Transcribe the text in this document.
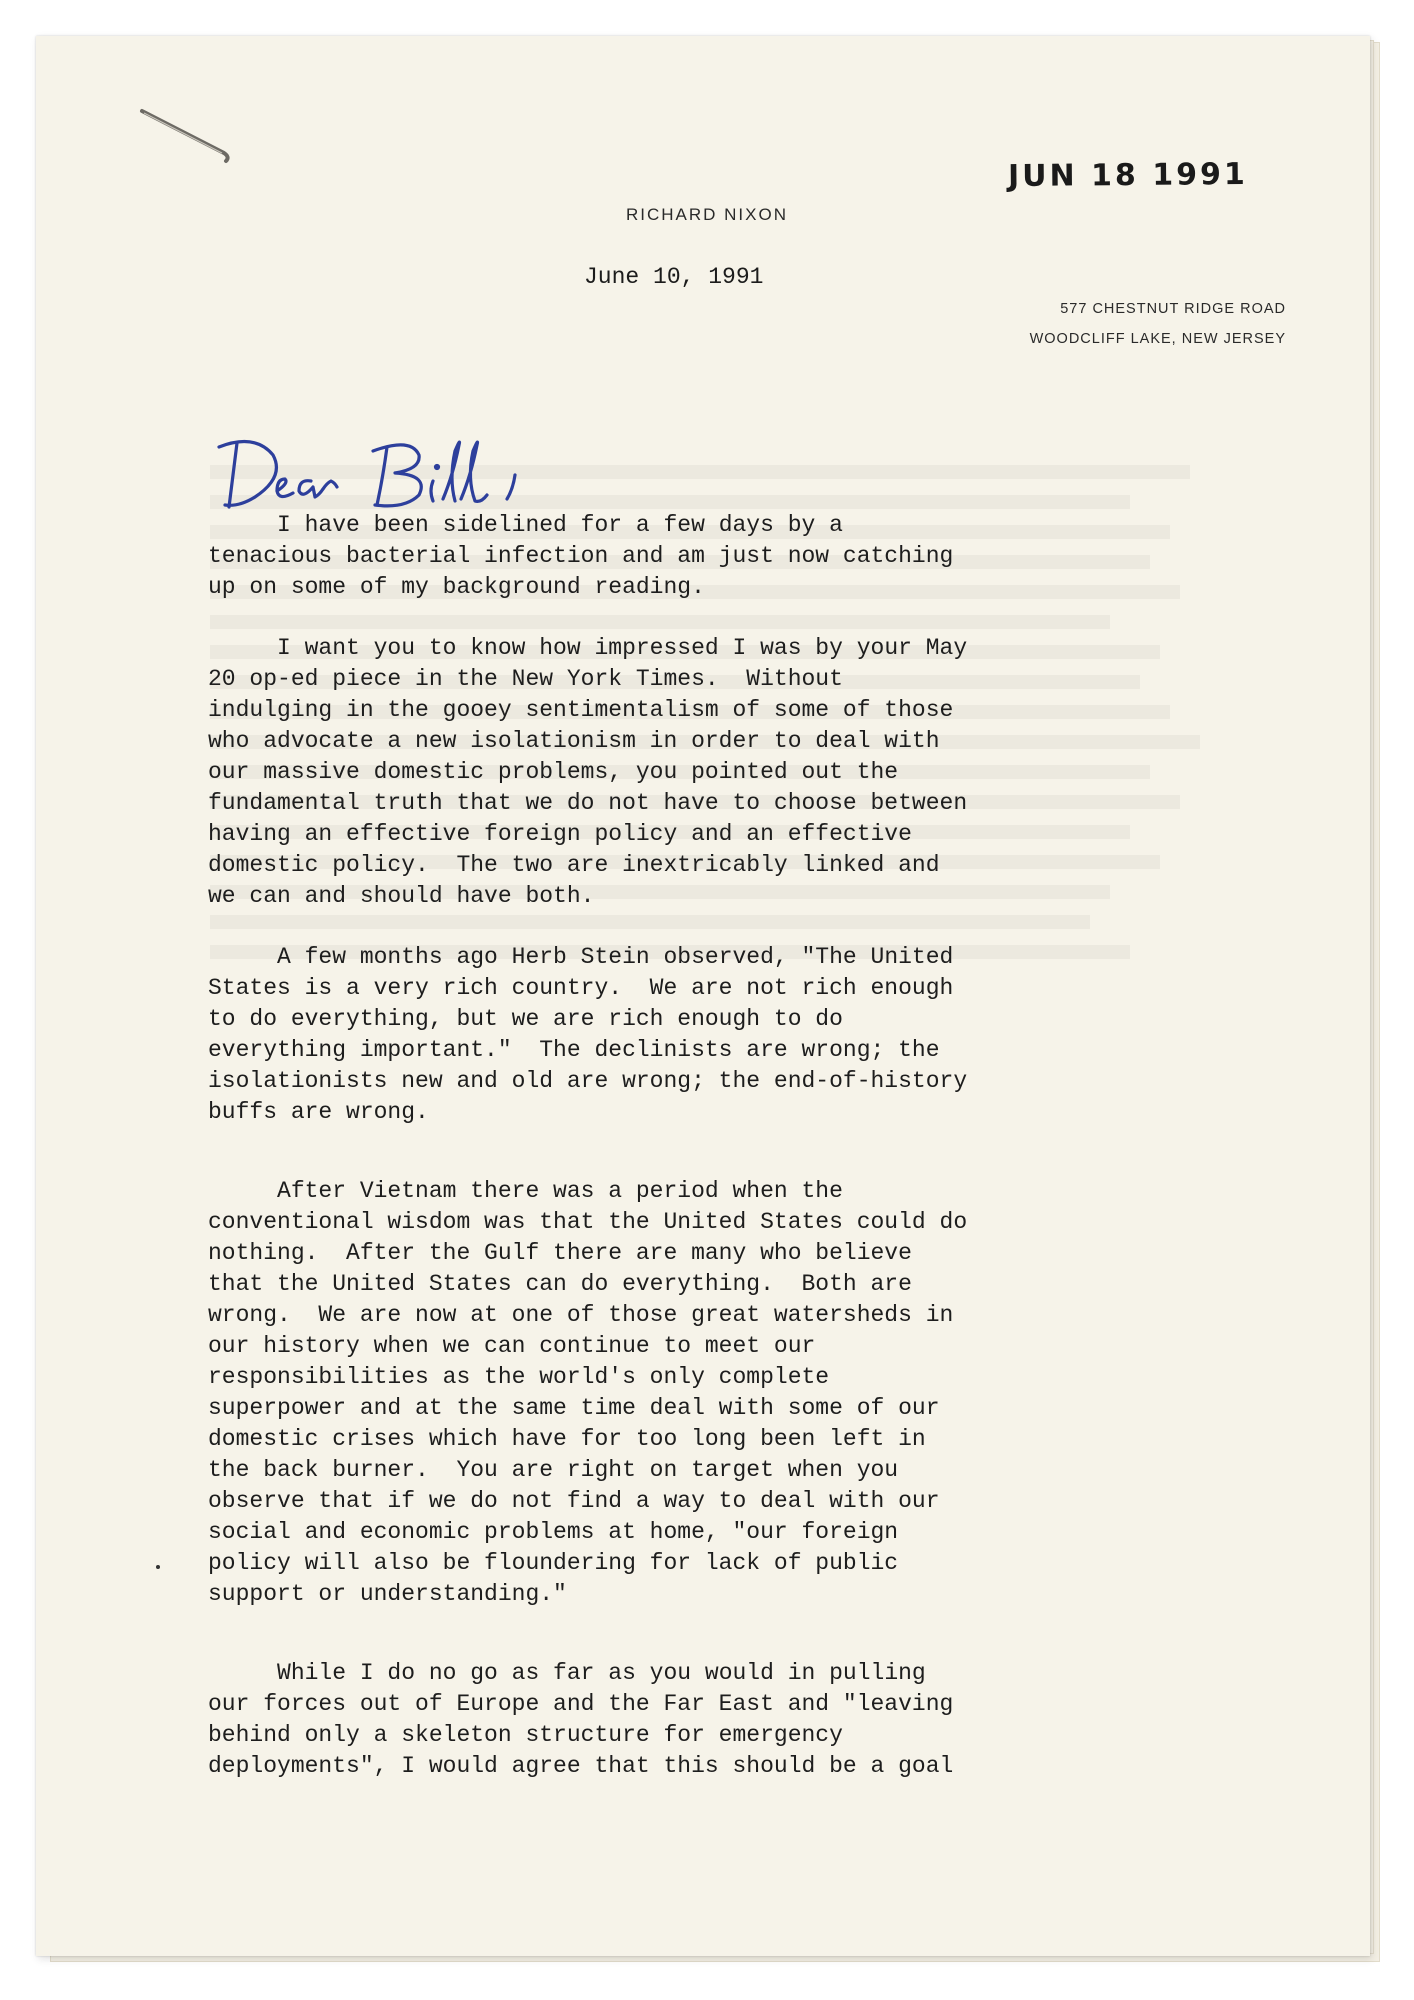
JUN 18 1991
RICHARD NIXON
June 10, 1991
577 CHESTNUT RIDGE ROAD
WOODCLIFF LAKE, NEW JERSEY

I have been sidelined for a few days by a
tenacious bacterial infection and am just now catching
up on some of my background reading.

I want you to know how impressed I was by your May
20 op-ed piece in the New York Times.  Without
indulging in the gooey sentimentalism of some of those
who advocate a new isolationism in order to deal with
our massive domestic problems, you pointed out the
fundamental truth that we do not have to choose between
having an effective foreign policy and an effective
domestic policy.  The two are inextricably linked and
we can and should have both.

A few months ago Herb Stein observed, "The United
States is a very rich country.  We are not rich enough
to do everything, but we are rich enough to do
everything important."  The declinists are wrong; the
isolationists new and old are wrong; the end-of-history
buffs are wrong.

After Vietnam there was a period when the
conventional wisdom was that the United States could do
nothing.  After the Gulf there are many who believe
that the United States can do everything.  Both are
wrong.  We are now at one of those great watersheds in
our history when we can continue to meet our
responsibilities as the world's only complete
superpower and at the same time deal with some of our
domestic crises which have for too long been left in
the back burner.  You are right on target when you
observe that if we do not find a way to deal with our
social and economic problems at home, "our foreign
policy will also be floundering for lack of public
support or understanding."

While I do no go as far as you would in pulling
our forces out of Europe and the Far East and "leaving
behind only a skeleton structure for emergency
deployments", I would agree that this should be a goal
